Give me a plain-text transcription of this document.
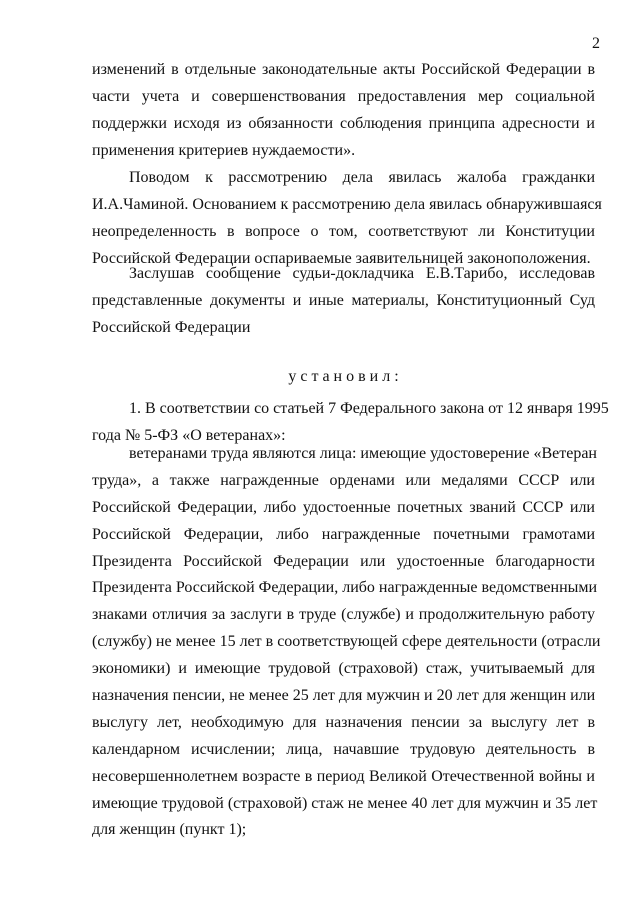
2
изменений в отдельные законодательные акты Российской Федерации в
части учета и совершенствования предоставления мер социальной
поддержки исходя из обязанности соблюдения принципа адресности и
применения критериев нуждаемости».
Поводом к рассмотрению дела явилась жалоба гражданки
И.А.Чаминой. Основанием к рассмотрению дела явилась обнаружившаяся
неопределенность в вопросе о том, соответствуют ли Конституции
Российской Федерации оспариваемые заявительницей законоположения.
Заслушав сообщение судьи-докладчика Е.В.Тарибо, исследовав
представленные документы и иные материалы, Конституционный Суд
Российской Федерации
у с т а н о в и л :
1. В соответствии со статьей 7 Федерального закона от 12 января 1995
года № 5-ФЗ «О ветеранах»:
ветеранами труда являются лица: имеющие удостоверение «Ветеран
труда», а также награжденные орденами или медалями СССР или
Российской Федерации, либо удостоенные почетных званий СССР или
Российской Федерации, либо награжденные почетными грамотами
Президента Российской Федерации или удостоенные благодарности
Президента Российской Федерации, либо награжденные ведомственными
знаками отличия за заслуги в труде (службе) и продолжительную работу
(службу) не менее 15 лет в соответствующей сфере деятельности (отрасли
экономики) и имеющие трудовой (страховой) стаж, учитываемый для
назначения пенсии, не менее 25 лет для мужчин и 20 лет для женщин или
выслугу лет, необходимую для назначения пенсии за выслугу лет в
календарном исчислении; лица, начавшие трудовую деятельность в
несовершеннолетнем возрасте в период Великой Отечественной войны и
имеющие трудовой (страховой) стаж не менее 40 лет для мужчин и 35 лет
для женщин (пункт 1);
